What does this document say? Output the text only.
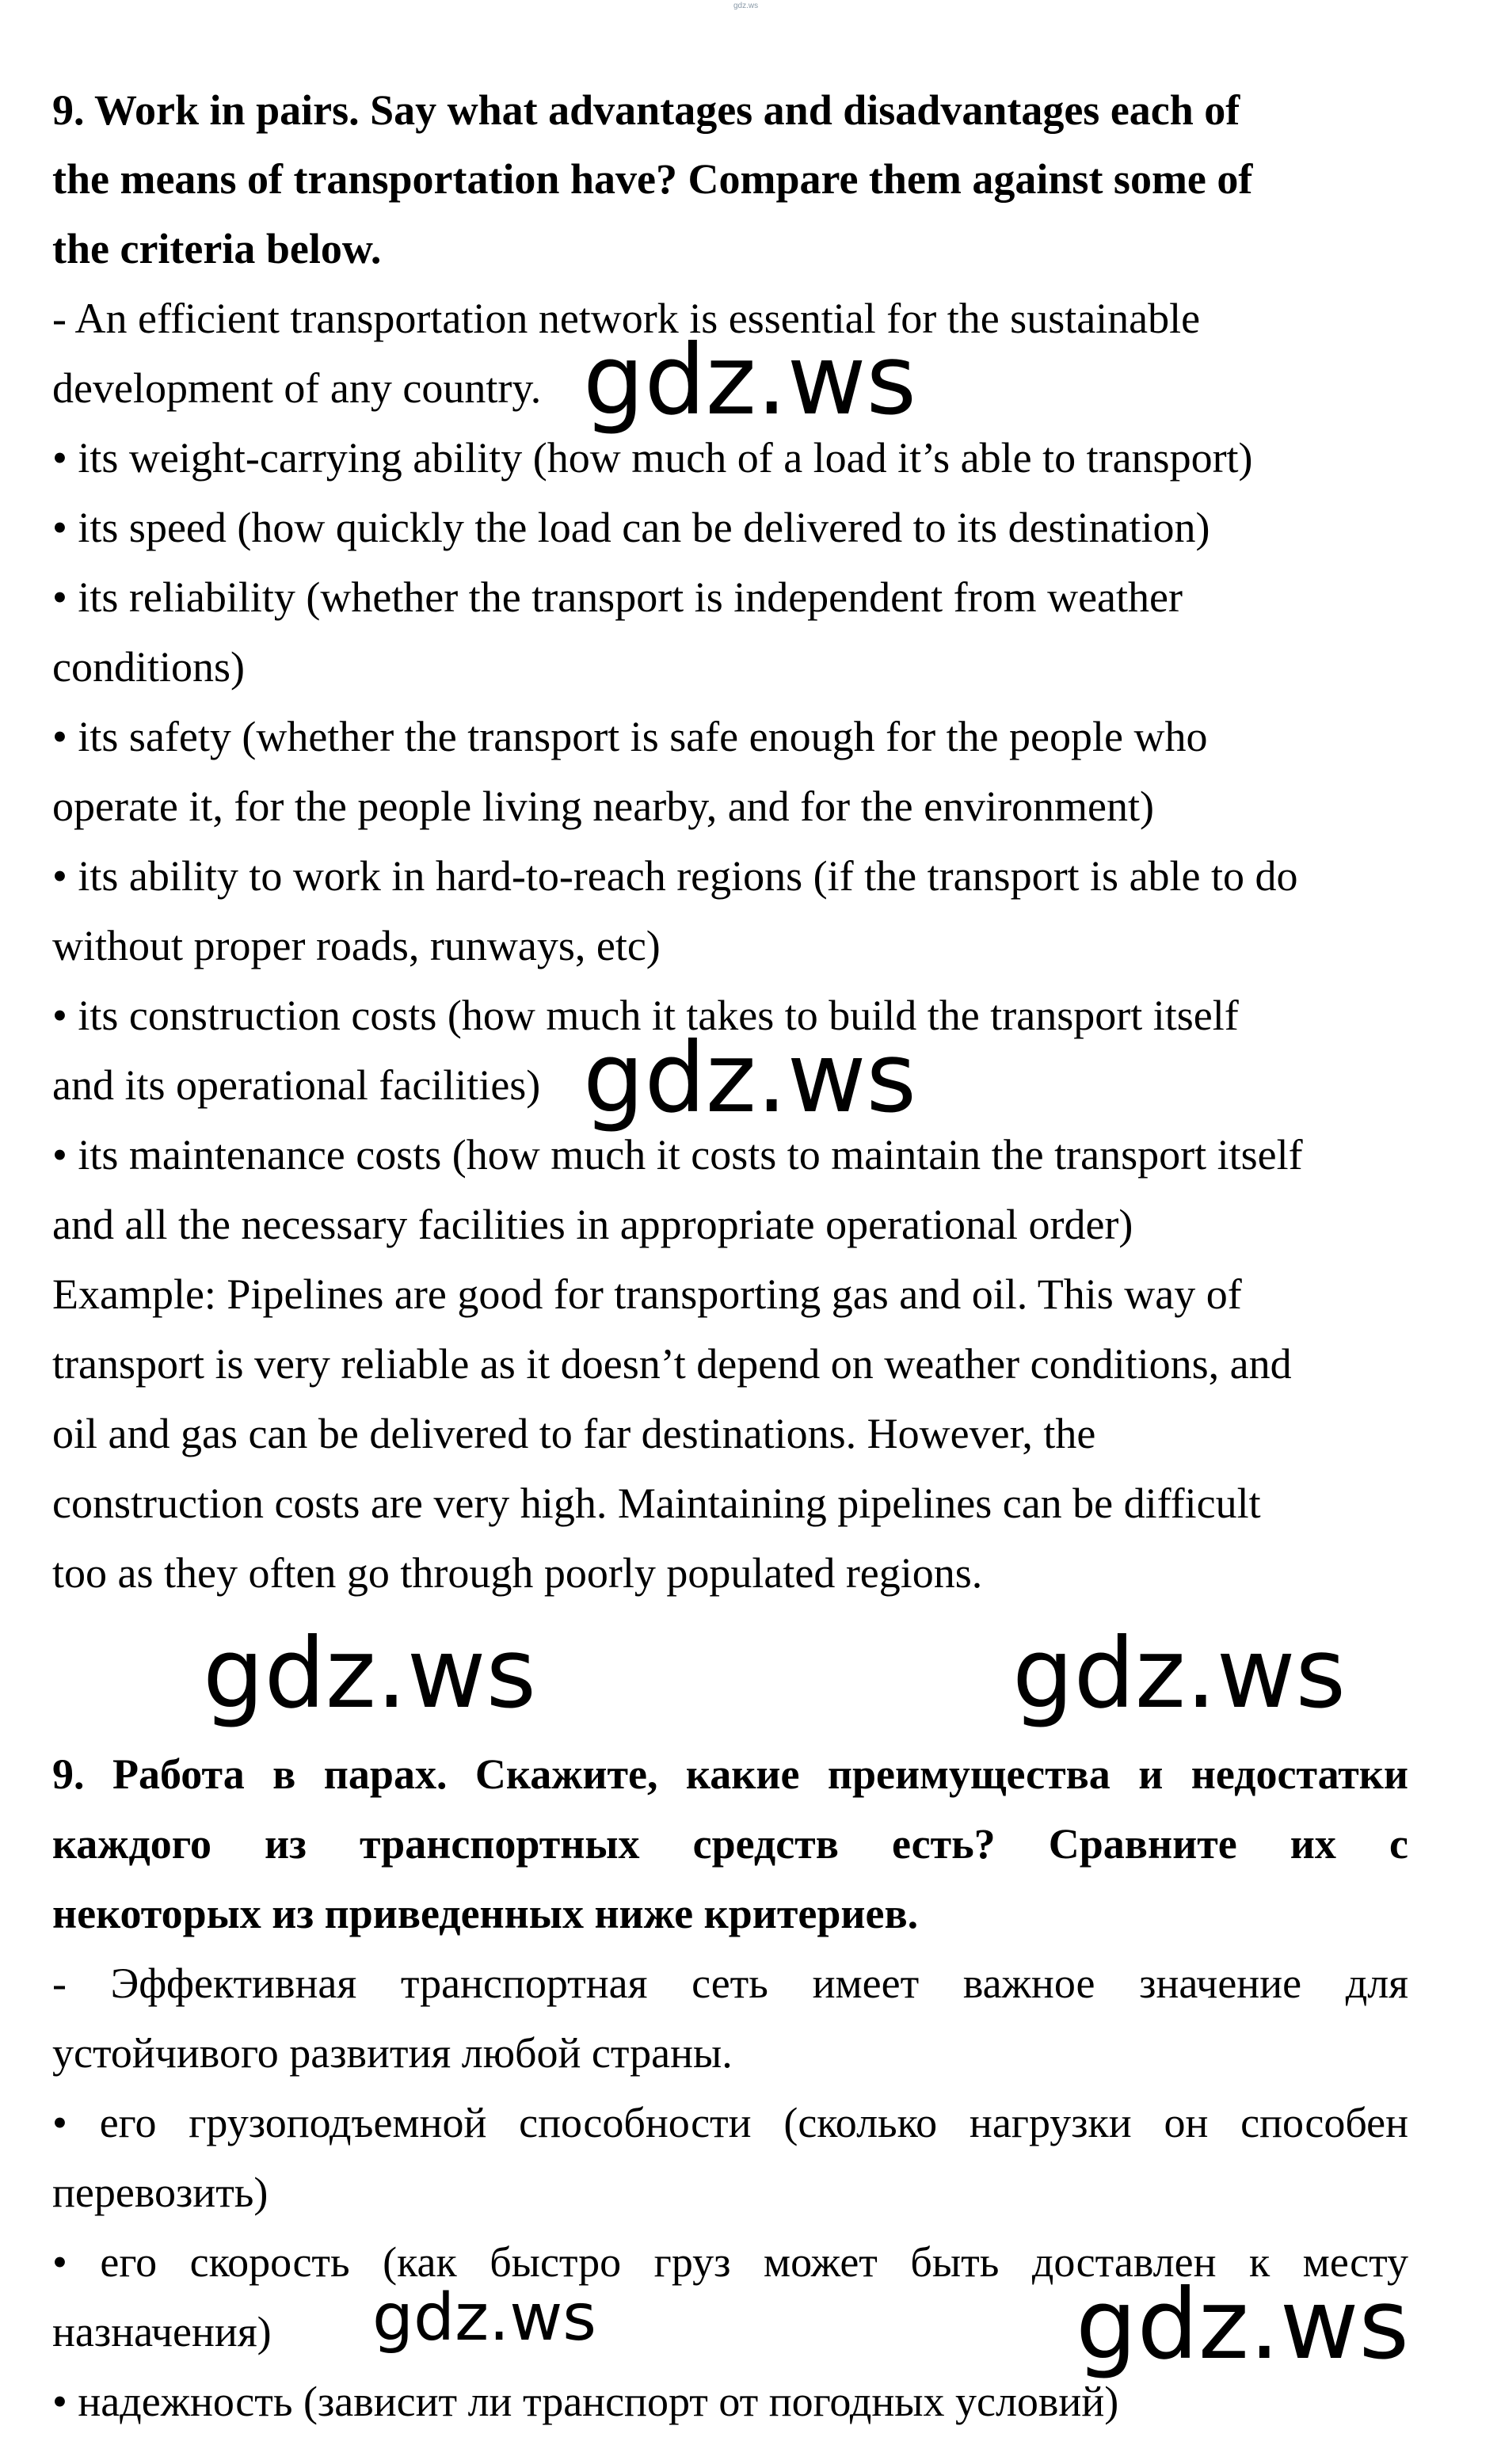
gdz.ws
9. Work in pairs. Say what advantages and disadvantages each of
the means of transportation have? Compare them against some of
the criteria below.
- An efficient transportation network is essential for the sustainable
development of any country.
• its weight-carrying ability (how much of a load it’s able to transport)
• its speed (how quickly the load can be delivered to its destination)
• its reliability (whether the transport is independent from weather
conditions)
• its safety (whether the transport is safe enough for the people who
operate it, for the people living nearby, and for the environment)
• its ability to work in hard-to-reach regions (if the transport is able to do
without proper roads, runways, etc)
• its construction costs (how much it takes to build the transport itself
and its operational facilities)
• its maintenance costs (how much it costs to maintain the transport itself
and all the necessary facilities in appropriate operational order)
Example: Pipelines are good for transporting gas and oil. This way of
transport is very reliable as it doesn’t depend on weather conditions, and
oil and gas can be delivered to far destinations. However, the
construction costs are very high. Maintaining pipelines can be difficult
too as they often go through poorly populated regions.
9. Работа в парах. Скажите, какие преимущества и недостатки
каждого из транспортных средств есть? Сравните их с
некоторых из приведенных ниже критериев.
- Эффективная транспортная сеть имеет важное значение для
устойчивого развития любой страны.
• его грузоподъемной способности (сколько нагрузки он способен
перевозить)
• его скорость (как быстро груз может быть доставлен к месту
назначения)
• надежность (зависит ли транспорт от погодных условий)
gdz.ws
gdz.ws
gdz.ws	gdz.ws
gdz.ws	gdz.ws
